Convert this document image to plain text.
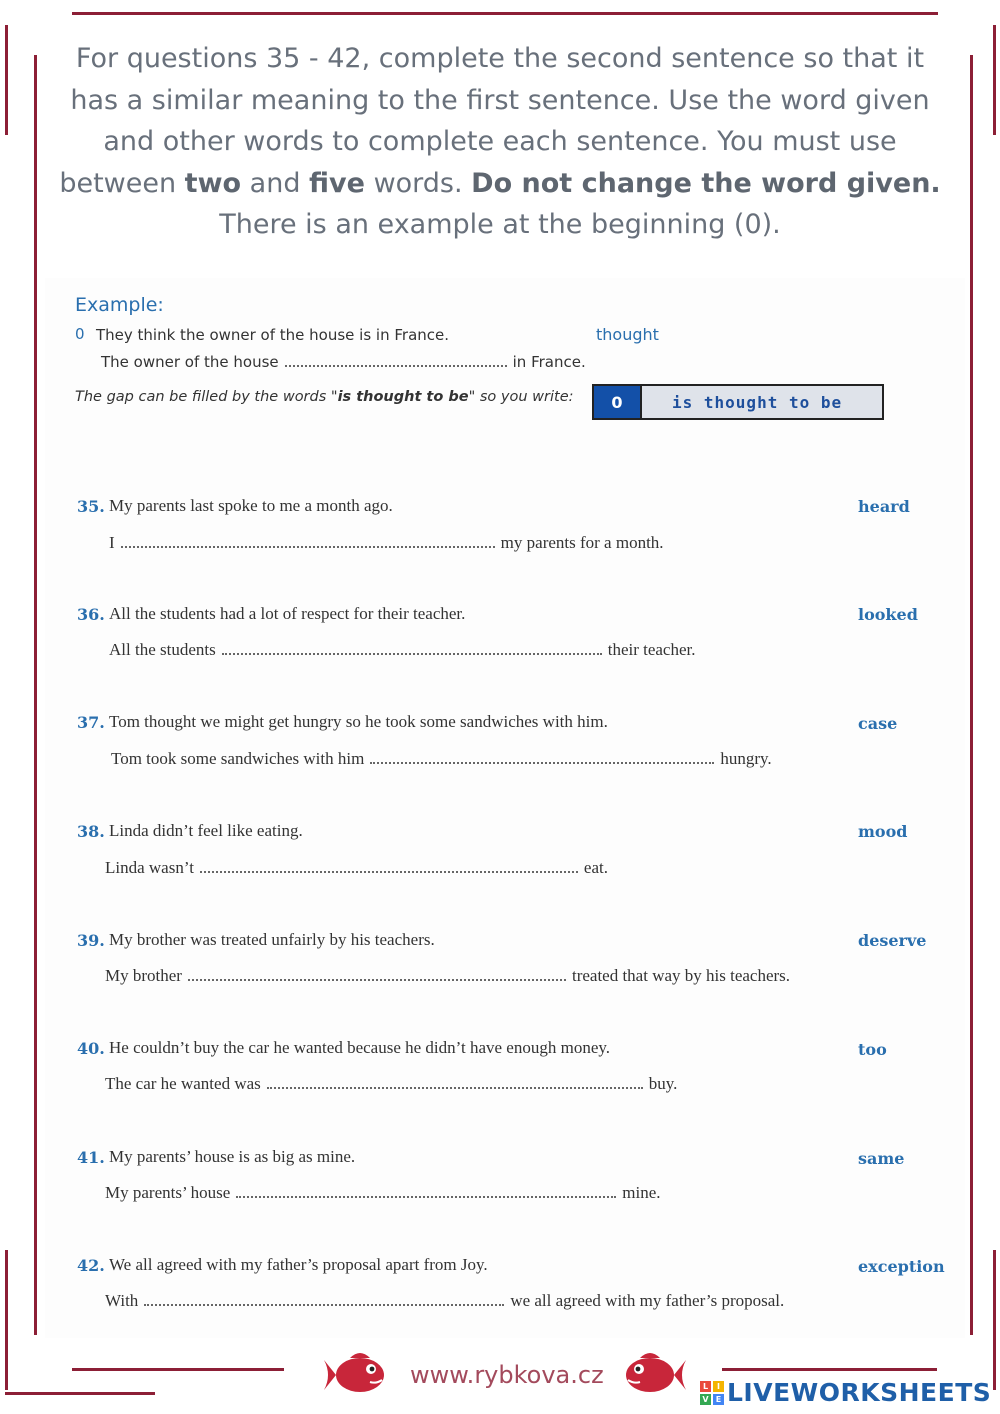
For questions 35 - 42, complete the second sentence so that it has a similar meaning to the first sentence. Use the word given and other words to complete each sentence. You must use between two and five words. Do not change the word given. There is an example at the beginning (0).
Example:
0 They think the owner of the house is in France.	thought
The owner of the house	in France.
The gap can be filled by the words "is thought to be" so you write:	0	is thought to be
35. My parents last spoke to me a month ago.	heard
I	my parents for a month.
36. All the students had a lot of respect for their teacher.	looked
All the students	their teacher.
37. Tom thought we might get hungry so he took some sandwiches with him.	case
Tom took some sandwiches with him	hungry.
38. Linda didn’t feel like eating.	mood
Linda wasn’t	eat.
39. My brother was treated unfairly by his teachers.	deserve
My brother	treated that way by his teachers.
40. He couldn’t buy the car he wanted because he didn’t have enough money.	too
The car he wanted was	buy.
41. My parents’ house is as big as mine.	same
My parents’ house	mine.
42. We all agreed with my father’s proposal apart from Joy.	exception
With	we all agreed with my father’s proposal.
www.rybkova.cz	L	I
V E LIVEWORKSHEETS
